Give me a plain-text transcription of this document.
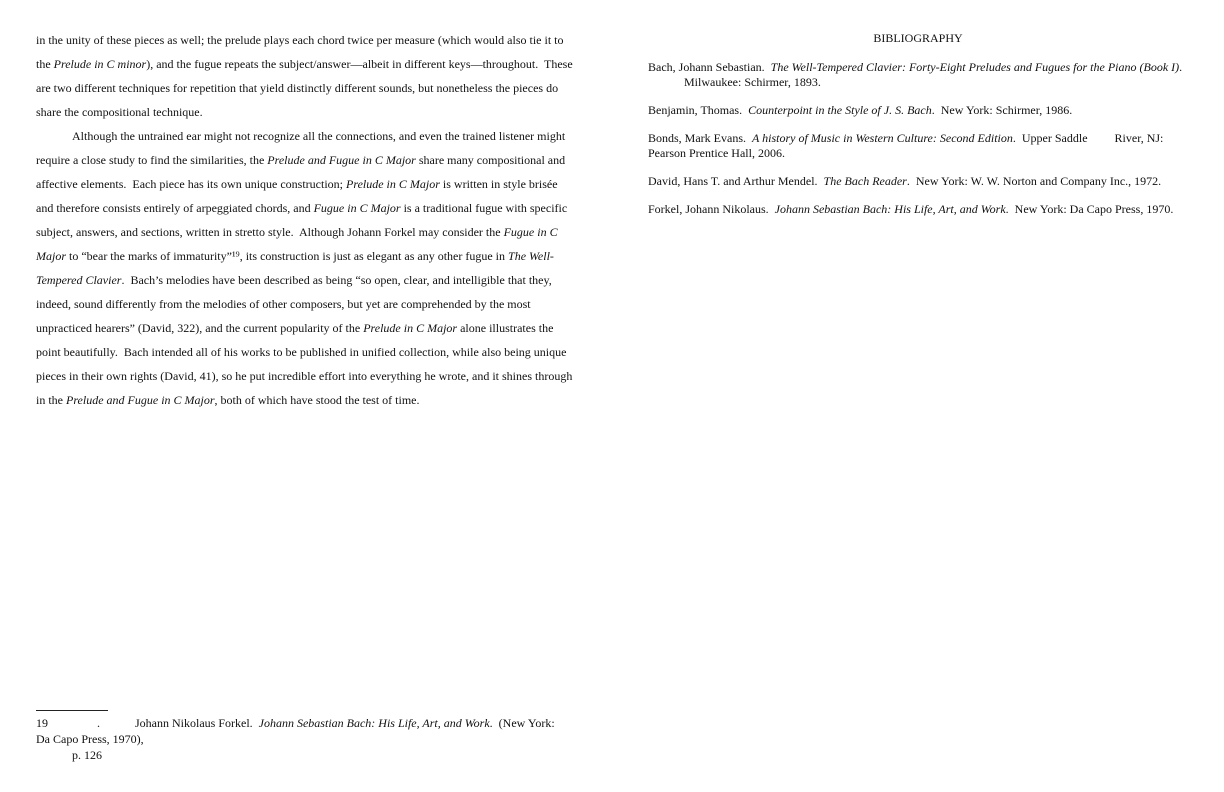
in the unity of these pieces as well; the prelude plays each chord twice per measure (which would also tie it to the Prelude in C minor), and the fugue repeats the subject/answer—albeit in different keys—throughout.  These are two different techniques for repetition that yield distinctly different sounds, but nonetheless the pieces do share the compositional technique.

Although the untrained ear might not recognize all the connections, and even the trained listener might require a close study to find the similarities, the Prelude and Fugue in C Major share many compositional and affective elements.  Each piece has its own unique construction; Prelude in C Major is written in style brisée and therefore consists entirely of arpeggiated chords, and Fugue in C Major is a traditional fugue with specific subject, answers, and sections, written in stretto style.  Although Johann Forkel may consider the Fugue in C Major to “bear the marks of immaturity”¹⁹, its construction is just as elegant as any other fugue in The Well-Tempered Clavier.  Bach’s melodies have been described as being “so open, clear, and intelligible that they, indeed, sound differently from the melodies of other composers, but yet are comprehended by the most unpracticed hearers” (David, 322), and the current popularity of the Prelude in C Major alone illustrates the point beautifully.  Bach intended all of his works to be published in unified collection, while also being unique pieces in their own rights (David, 41), so he put incredible effort into everything he wrote, and it shines through in the Prelude and Fugue in C Major, both of which have stood the test of time.

19	.	Johann Nikolaus Forkel.  Johann Sebastian Bach: His Life, Art, and Work.  (New York:
Da Capo Press, 1970),
p. 126
BIBLIOGRAPHY
Bach, Johann Sebastian.  The Well-Tempered Clavier: Forty-Eight Preludes and Fugues for the Piano (Book I).
Milwaukee: Schirmer, 1893.
Benjamin, Thomas.  Counterpoint in the Style of J. S. Bach.  New York: Schirmer, 1986.
Bonds, Mark Evans.  A history of Music in Western Culture: Second Edition.  Upper Saddle         River, NJ: Pearson Prentice Hall, 2006.
David, Hans T. and Arthur Mendel.  The Bach Reader.  New York: W. W. Norton and Company Inc., 1972.
Forkel, Johann Nikolaus.  Johann Sebastian Bach: His Life, Art, and Work.  New York: Da Capo Press, 1970.
